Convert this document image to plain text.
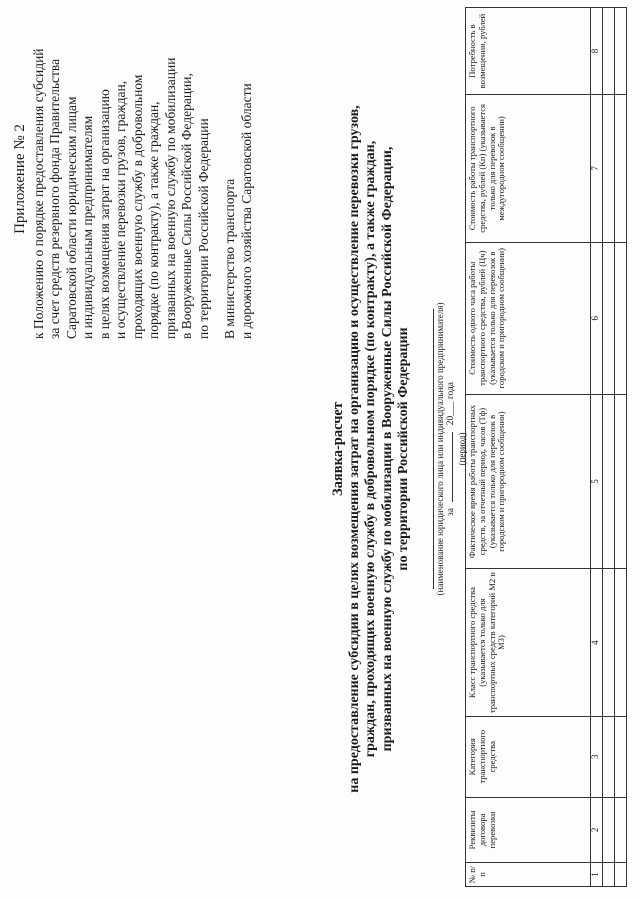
Приложение № 2 к Положению о порядке предоставления субсидий за счет средств резервного фонда Правительства Саратовской области юридическим лицам и индивидуальным предпринимателям в целях возмещения затрат на организацию и осуществление перевозки грузов, граждан, проходящих военную службу в добровольном порядке (по контракту), а также граждан, призванных на военную службу по мобилизации в Вооруженные Силы Российской Федерации, по территории Российской Федерации В министерство транспорта и дорожного хозяйства Саратовской области
Заявка-расчет на предоставление субсидии в целях возмещения затрат на организацию и осуществление перевозки грузов, граждан, проходящих военную службу в добровольном порядке (по контракту), а также граждан, призванных на военную службу по мобилизации в Вооруженные Силы Российской Федерации, по территории Российской Федерации	(наименование юридического лица или индивидуального предпринимателя) за  20___ года
(период)
№ п/п	Реквизиты договора перевозки	Категория транспортного средства	Класс транспортного средства (указывается только для транспортных средств категорий М2 и М3)	Фактическое время работы транспортных средств, за отчетный период, часов (Тф) (указывается только для перевозок в городском и пригородном сообщении)	Стоимость одного часа работы транспортного средства, рублей (Цч) (указывается только для перевозок в городском и пригородном сообщении)	Стоимость работы транспортного средства, рублей (Кп) (указывается только для перевозок в междугородном сообщении)	Потребность в возмещении, рублей
1	2	3	4	5	6	7	8
